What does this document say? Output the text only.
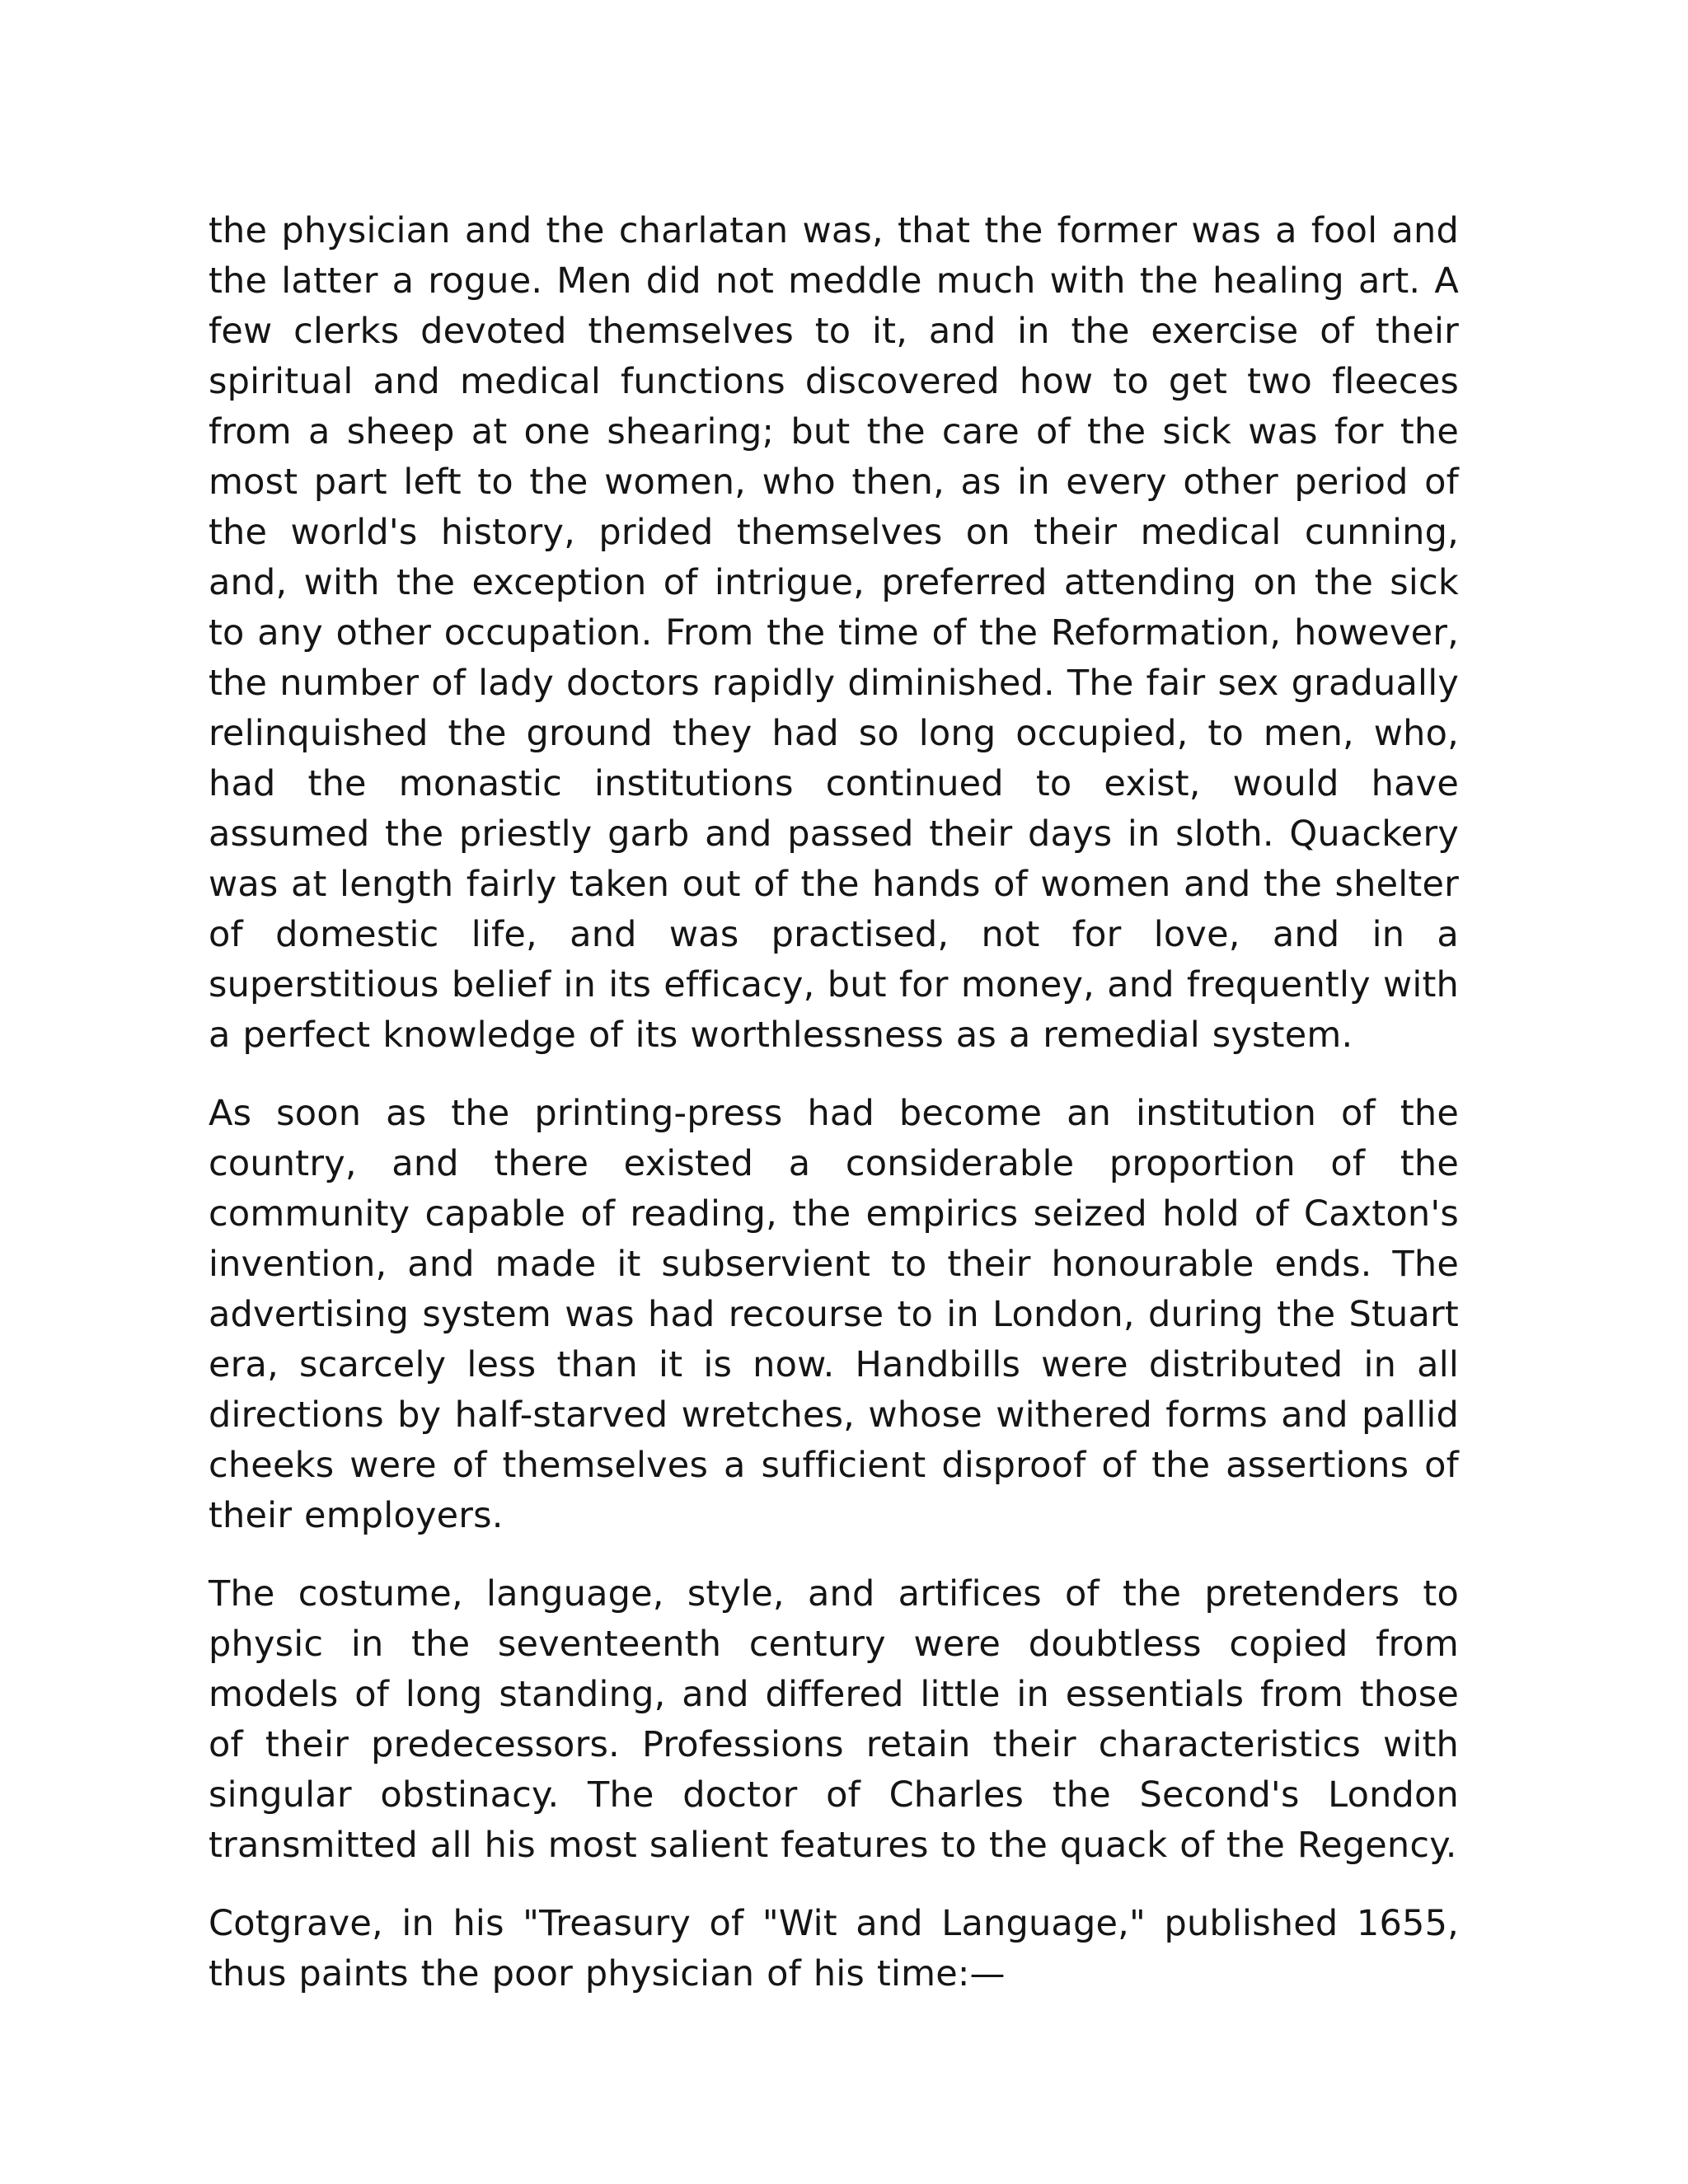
the physician and the charlatan was, that the former was a fool and the latter a rogue. Men did not meddle much with the healing art. A few clerks devoted themselves to it, and in the exercise of their spiritual and medical functions discovered how to get two fleeces from a sheep at one shearing; but the care of the sick was for the most part left to the women, who then, as in every other period of the world's history, prided themselves on their medical cunning, and, with the exception of intrigue, preferred attending on the sick to any other occupation. From the time of the Reformation, however, the number of lady doctors rapidly diminished. The fair sex gradually relinquished the ground they had so long occupied, to men, who, had the monastic institutions continued to exist, would have assumed the priestly garb and passed their days in sloth. Quackery was at length fairly taken out of the hands of women and the shelter of domestic life, and was practised, not for love, and in a superstitious belief in its efficacy, but for money, and frequently with a perfect knowledge of its worthlessness as a remedial system.

As soon as the printing-press had become an institution of the country, and there existed a considerable proportion of the community capable of reading, the empirics seized hold of Caxton's invention, and made it subservient to their honourable ends. The advertising system was had recourse to in London, during the Stuart era, scarcely less than it is now. Handbills were distributed in all directions by half-starved wretches, whose withered forms and pallid cheeks were of themselves a sufficient disproof of the assertions of their employers.

The costume, language, style, and artifices of the pretenders to physic in the seventeenth century were doubtless copied from models of long standing, and differed little in essentials from those of their predecessors. Professions retain their characteristics with singular obstinacy. The doctor of Charles the Second's London transmitted all his most salient features to the quack of the Regency.

Cotgrave, in his "Treasury of "Wit and Language," published 1655, thus paints the poor physician of his time:—
